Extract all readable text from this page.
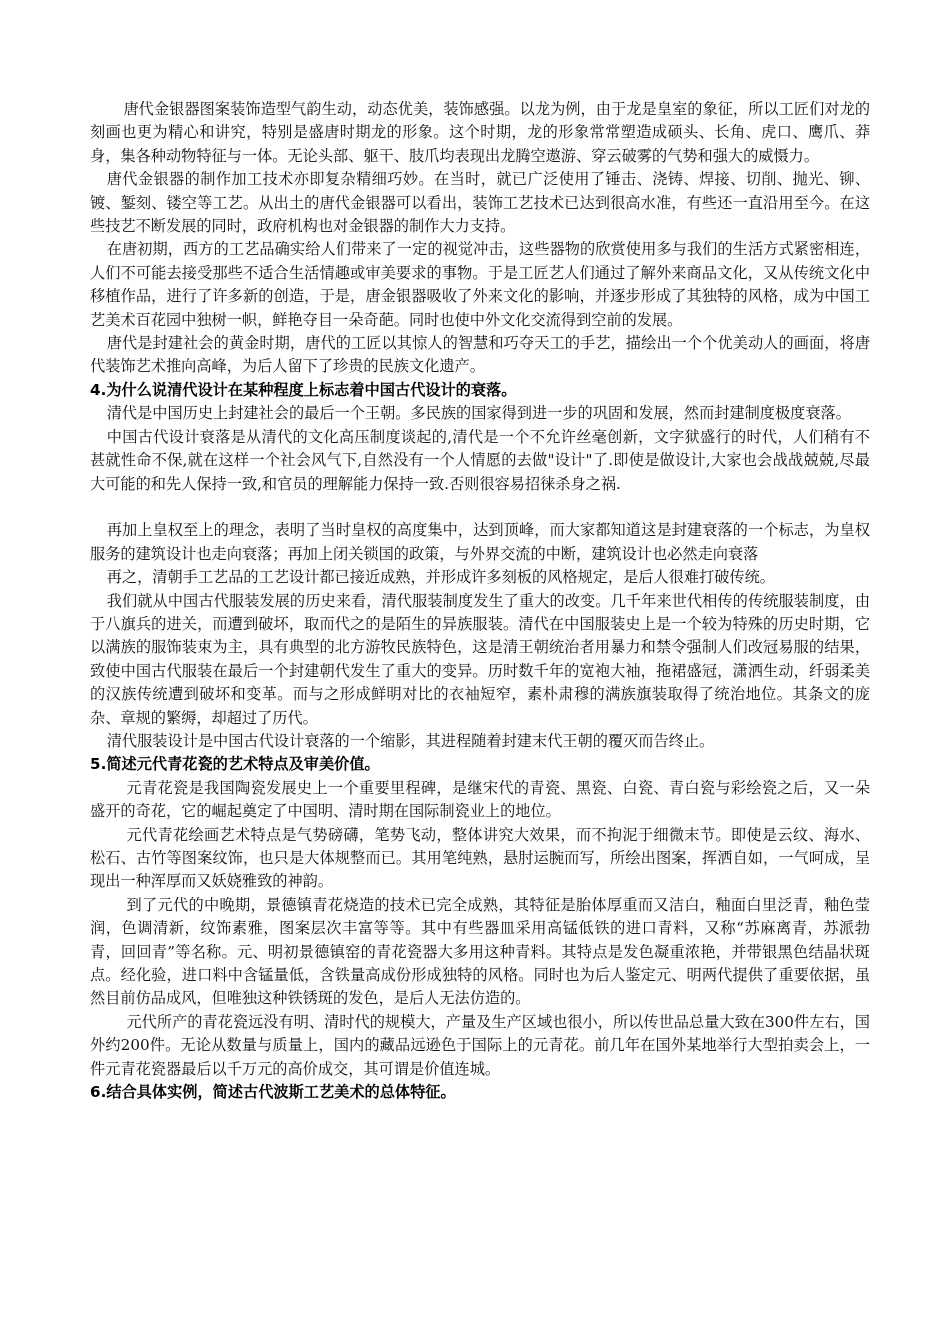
唐代金银器图案装饰造型气韵生动，动态优美，装饰感强。以龙为例，由于龙是皇室的象征，所以工匠们对龙的刻画也更为精心和讲究，特别是盛唐时期龙的形象。这个时期，龙的形象常常塑造成硕头、长角、虎口、鹰爪、莽身，集各种动物特征与一体。无论头部、躯干、肢爪均表现出龙腾空遨游、穿云破雾的气势和强大的威慑力。

唐代金银器的制作加工技术亦即复杂精细巧妙。在当时，就已广泛使用了锤击、浇铸、焊接、切削、抛光、铆、镀、錾刻、镂空等工艺。从出土的唐代金银器可以看出，装饰工艺技术已达到很高水准，有些还一直沿用至今。在这些技艺不断发展的同时，政府机构也对金银器的制作大力支持。

在唐初期，西方的工艺品确实给人们带来了一定的视觉冲击，这些器物的欣赏使用多与我们的生活方式紧密相连，人们不可能去接受那些不适合生活情趣或审美要求的事物。于是工匠艺人们通过了解外来商品文化，又从传统文化中移植作品，进行了许多新的创造，于是，唐金银器吸收了外来文化的影响，并逐步形成了其独特的风格，成为中国工艺美术百花园中独树一帜，鲜艳夺目一朵奇葩。同时也使中外文化交流得到空前的发展。

唐代是封建社会的黄金时期，唐代的工匠以其惊人的智慧和巧夺天工的手艺，描绘出一个个优美动人的画面，将唐代装饰艺术推向高峰，为后人留下了珍贵的民族文化遗产。

4.为什么说清代设计在某种程度上标志着中国古代设计的衰落。

清代是中国历史上封建社会的最后一个王朝。多民族的国家得到进一步的巩固和发展，然而封建制度极度衰落。

中国古代设计衰落是从清代的文化高压制度谈起的,清代是一个不允许丝毫创新，文字狱盛行的时代，人们稍有不甚就性命不保,就在这样一个社会风气下,自然没有一个人情愿的去做"设计"了.即使是做设计,大家也会战战兢兢,尽最大可能的和先人保持一致,和官员的理解能力保持一致.否则很容易招徕杀身之祸.

再加上皇权至上的理念，表明了当时皇权的高度集中，达到顶峰，而大家都知道这是封建衰落的一个标志，为皇权服务的建筑设计也走向衰落；再加上闭关锁国的政策，与外界交流的中断，建筑设计也必然走向衰落

再之，清朝手工艺品的工艺设计都已接近成熟，并形成许多刻板的风格规定，是后人很难打破传统。

我们就从中国古代服装发展的历史来看，清代服装制度发生了重大的改变。几千年来世代相传的传统服装制度，由于八旗兵的进关，而遭到破坏，取而代之的是陌生的异族服装。清代在中国服装史上是一个较为特殊的历史时期，它以满族的服饰装束为主，具有典型的北方游牧民族特色，这是清王朝统治者用暴力和禁令强制人们改冠易服的结果，致使中国古代服装在最后一个封建朝代发生了重大的变异。历时数千年的宽袍大袖，拖裙盛冠，潇洒生动，纤弱柔美的汉族传统遭到破坏和变革。而与之形成鲜明对比的衣袖短窄，素朴肃穆的满族旗装取得了统治地位。其条文的庞杂、章规的繁缛，却超过了历代。

清代服装设计是中国古代设计衰落的一个缩影，其进程随着封建末代王朝的覆灭而告终止。

5.简述元代青花瓷的艺术特点及审美价值。

元青花瓷是我国陶瓷发展史上一个重要里程碑，是继宋代的青瓷、黑瓷、白瓷、青白瓷与彩绘瓷之后，又一朵盛开的奇花，它的崛起奠定了中国明、清时期在国际制瓷业上的地位。

元代青花绘画艺术特点是气势磅礴，笔势飞动，整体讲究大效果，而不拘泥于细微末节。即使是云纹、海水、松石、古竹等图案纹饰，也只是大体规整而已。其用笔纯熟，悬肘运腕而写，所绘出图案，挥洒自如，一气呵成，呈现出一种浑厚而又妖娆雅致的神韵。

到了元代的中晚期，景德镇青花烧造的技术已完全成熟，其特征是胎体厚重而又洁白，釉面白里泛青，釉色莹润，色调清新，纹饰素雅，图案层次丰富等等。其中有些器皿采用高锰低铁的进口青料，又称“苏麻离青，苏派勃青，回回青”等名称。元、明初景德镇窑的青花瓷器大多用这种青料。其特点是发色凝重浓艳，并带银黑色结晶状斑点。经化验，进口料中含锰量低，含铁量高成份形成独特的风格。同时也为后人鉴定元、明两代提供了重要依据，虽然目前仿品成风，但唯独这种铁锈斑的发色，是后人无法仿造的。

元代所产的青花瓷远没有明、清时代的规模大，产量及生产区域也很小，所以传世品总量大致在300件左右，国外约200件。无论从数量与质量上，国内的藏品远逊色于国际上的元青花。前几年在国外某地举行大型拍卖会上，一件元青花瓷器最后以千万元的高价成交，其可谓是价值连城。

6.结合具体实例，简述古代波斯工艺美术的总体特征。
